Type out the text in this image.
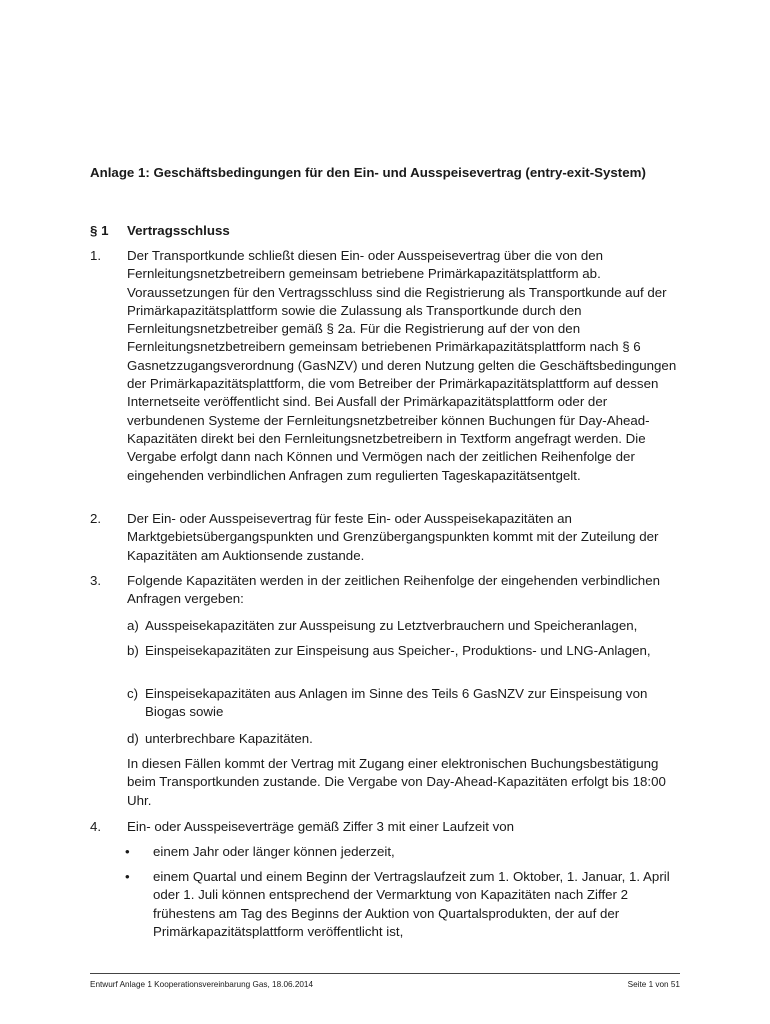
Anlage 1: Geschäftsbedingungen für den Ein- und Ausspeisevertrag (entry-exit-System)
§ 1 Vertragsschluss
1. Der Transportkunde schließt diesen Ein- oder Ausspeisevertrag über die von den Fernleitungsnetzbetreibern gemeinsam betriebene Primärkapazitätsplattform ab. Voraussetzungen für den Vertragsschluss sind die Registrierung als Transportkunde auf der Primärkapazitätsplattform sowie die Zulassung als Transportkunde durch den Fernleitungsnetzbetreiber gemäß § 2a. Für die Registrierung auf der von den Fernleitungsnetzbetreibern gemeinsam betriebenen Primärkapazitätsplattform nach § 6 Gasnetzzugangsverordnung (GasNZV) und deren Nutzung gelten die Geschäftsbedingungen der Primärkapazitätsplattform, die vom Betreiber der Primärkapazitätsplattform auf dessen Internetseite veröffentlicht sind. Bei Ausfall der Primärkapazitätsplattform oder der verbundenen Systeme der Fernleitungsnetzbetreiber können Buchungen für Day-Ahead-Kapazitäten direkt bei den Fernleitungsnetzbetreibern in Textform angefragt werden. Die Vergabe erfolgt dann nach Können und Vermögen nach der zeitlichen Reihenfolge der eingehenden verbindlichen Anfragen zum regulierten Tageskapazitätsentgelt.
2. Der Ein- oder Ausspeisevertrag für feste Ein- oder Ausspeisekapazitäten an Marktgebietsübergangspunkten und Grenzübergangspunkten kommt mit der Zuteilung der Kapazitäten am Auktionsende zustande.
3. Folgende Kapazitäten werden in der zeitlichen Reihenfolge der eingehenden verbindlichen Anfragen vergeben:
a) Ausspeisekapazitäten zur Ausspeisung zu Letztverbrauchern und Speicheranlagen,
b) Einspeisekapazitäten zur Einspeisung aus Speicher-, Produktions- und LNG-Anlagen,
c) Einspeisekapazitäten aus Anlagen im Sinne des Teils 6 GasNZV zur Einspeisung von Biogas sowie
d) unterbrechbare Kapazitäten.
In diesen Fällen kommt der Vertrag mit Zugang einer elektronischen Buchungsbestätigung beim Transportkunden zustande. Die Vergabe von Day-Ahead-Kapazitäten erfolgt bis 18:00 Uhr.
4. Ein- oder Ausspeiseverträge gemäß Ziffer 3 mit einer Laufzeit von
• einem Jahr oder länger können jederzeit,
• einem Quartal und einem Beginn der Vertragslaufzeit zum 1. Oktober, 1. Januar, 1. April oder 1. Juli können entsprechend der Vermarktung von Kapazitäten nach Ziffer 2 frühestens am Tag des Beginns der Auktion von Quartalsprodukten, der auf der Primärkapazitätsplattform veröffentlicht ist,
Entwurf Anlage 1 Kooperationsvereinbarung Gas, 18.06.2014	Seite 1 von 51
